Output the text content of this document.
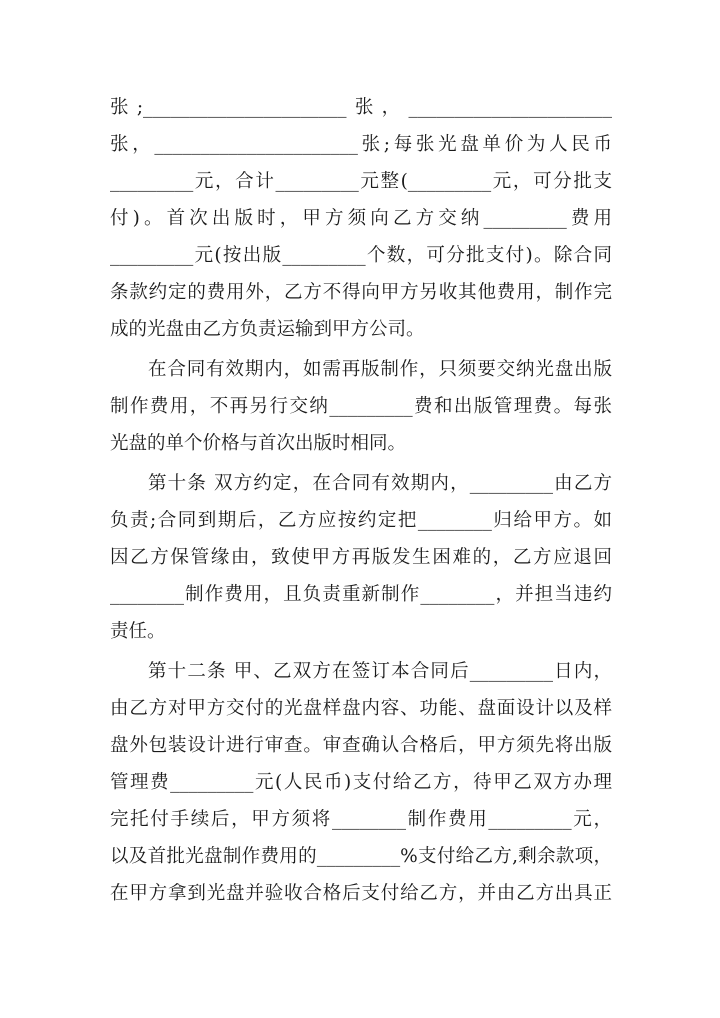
张;______________________张，______________________
张，______________________张;每张光盘单价为人民币
_________元，合计_________元整(_________元，可分批支
付)。首次出版时，甲方须向乙方交纳_________费用
_________元(按出版_________个数，可分批支付)。除合同
条款约定的费用外，乙方不得向甲方另收其他费用，制作完
成的光盘由乙方负责运输到甲方公司。
在合同有效期内，如需再版制作，只须要交纳光盘出版
制作费用，不再另行交纳_________费和出版管理费。每张
光盘的单个价格与首次出版时相同。
第十条 双方约定，在合同有效期内，_________由乙方
负责;合同到期后，乙方应按约定把________归给甲方。如
因乙方保管缘由，致使甲方再版发生困难的，乙方应退回
________制作费用，且负责重新制作________，并担当违约
责任。
第十二条 甲、乙双方在签订本合同后_________日内，
由乙方对甲方交付的光盘样盘内容、功能、盘面设计以及样
盘外包装设计进行审查。审查确认合格后，甲方须先将出版
管理费_________元(人民币)支付给乙方，待甲乙双方办理
完托付手续后，甲方须将________制作费用_________元，
以及首批光盘制作费用的_________%支付给乙方,剩余款项，
在甲方拿到光盘并验收合格后支付给乙方，并由乙方出具正
